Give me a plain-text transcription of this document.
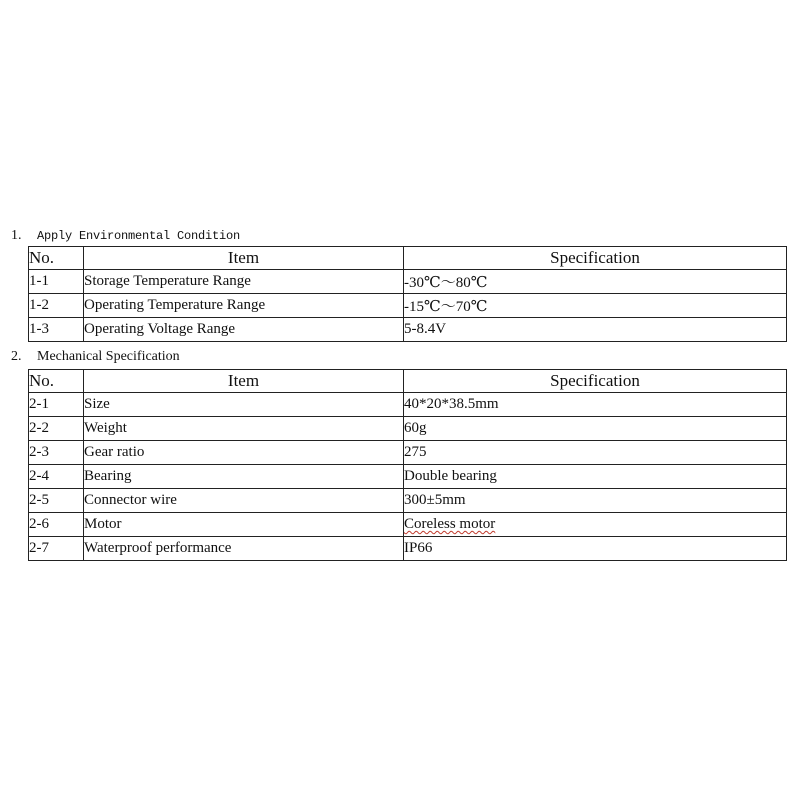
1. Apply Environmental Condition
No.	Item	Specification
1-1	Storage Temperature Range	-30℃～80℃
1-2	Operating Temperature Range	-15℃～70℃
1-3	Operating Voltage Range	5-8.4V
2. Mechanical Specification
No.	Item	Specification
2-1	Size	40*20*38.5mm
2-2	Weight	60g
2-3	Gear ratio	275
2-4	Bearing	Double bearing
2-5	Connector wire	300±5mm
2-6	Motor	Coreless motor
2-7	Waterproof performance	IP66
